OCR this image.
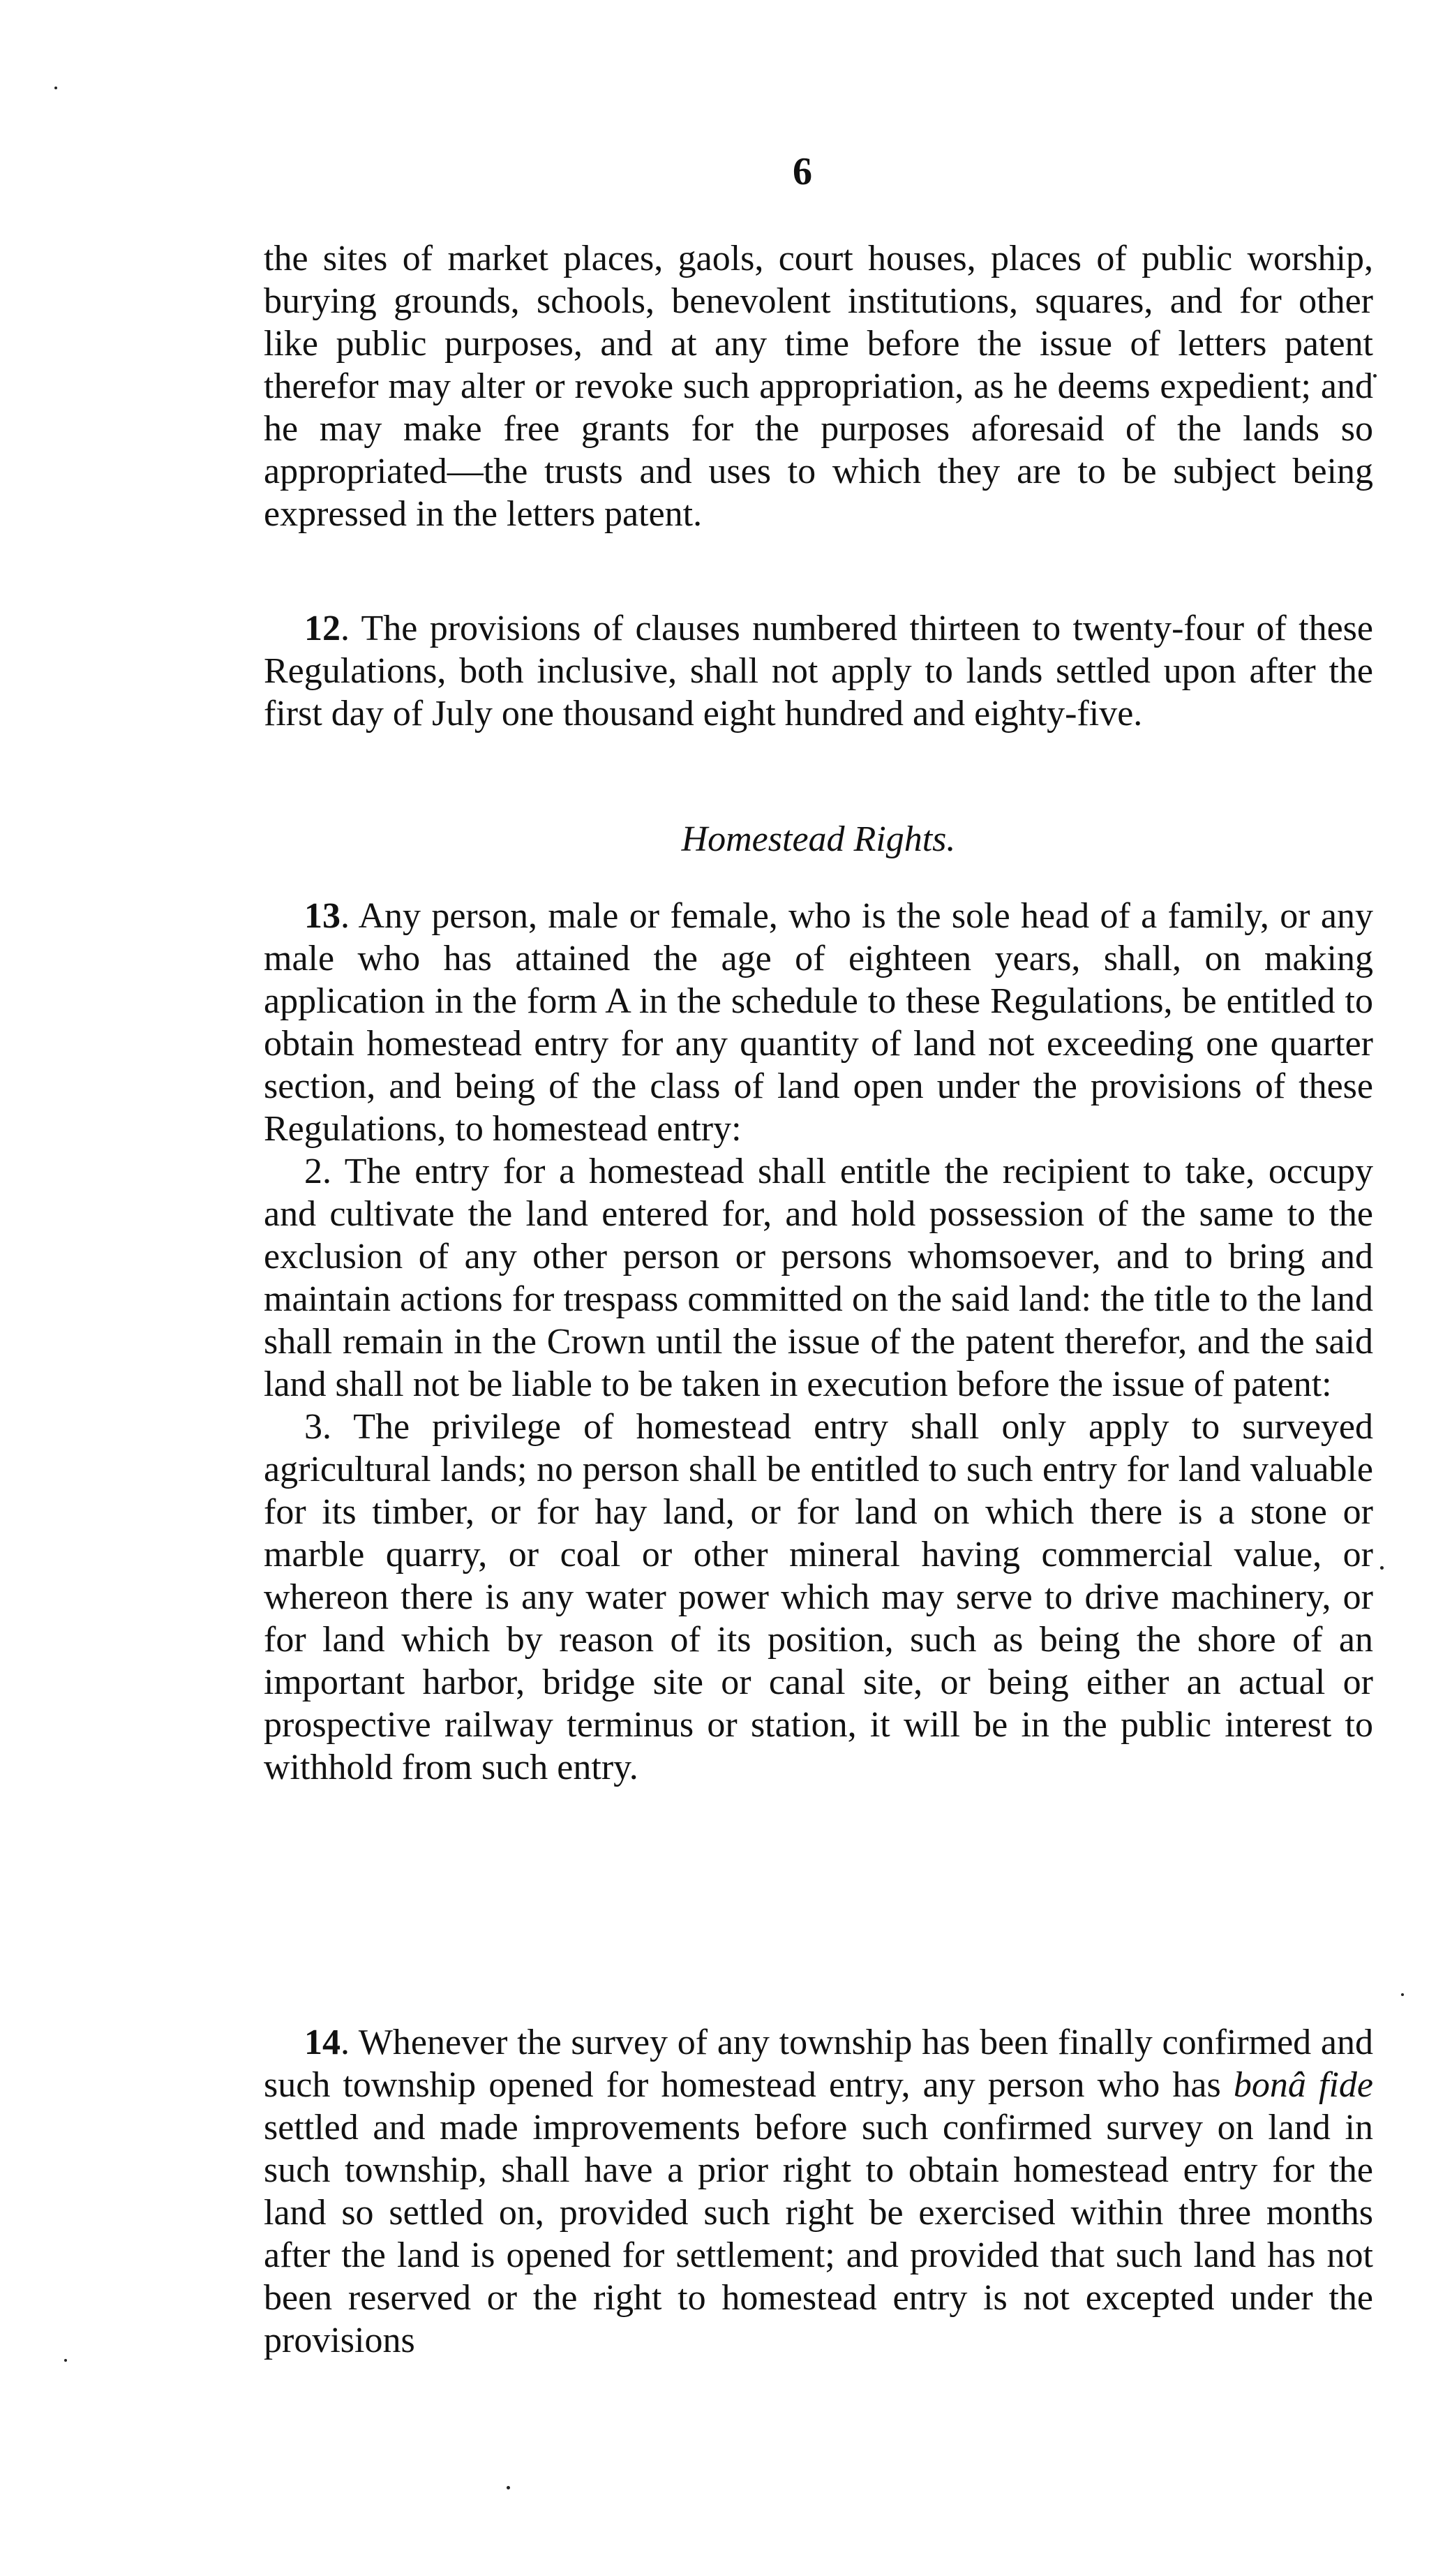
6

the sites of market places, gaols, court houses, places of public worship, burying grounds, schools, benevolent institutions, squares, and for other like public purposes, and at any time before the issue of letters patent therefor may alter or revoke such appropriation, as he deems expedient; and he may make free grants for the purposes aforesaid of the lands so appropriated—the trusts and uses to which they are to be subject being expressed in the letters patent.

12. The provisions of clauses numbered thirteen to twenty-four of these Regulations, both inclusive, shall not apply to lands settled upon after the first day of July one thousand eight hundred and eighty-five.

Homestead Rights.

13. Any person, male or female, who is the sole head of a family, or any male who has attained the age of eighteen years, shall, on making application in the form A in the schedule to these Regulations, be entitled to obtain homestead entry for any quantity of land not exceeding one quarter section, and being of the class of land open under the provisions of these Regulations, to homestead entry:

2. The entry for a homestead shall entitle the recipient to take, occupy and cultivate the land entered for, and hold possession of the same to the exclusion of any other person or persons whomsoever, and to bring and maintain actions for trespass committed on the said land: the title to the land shall remain in the Crown until the issue of the patent therefor, and the said land shall not be liable to be taken in execution before the issue of patent:

3. The privilege of homestead entry shall only apply to surveyed agricultural lands; no person shall be entitled to such entry for land valuable for its timber, or for hay land, or for land on which there is a stone or marble quarry, or coal or other mineral having commercial value, or whereon there is any water power which may serve to drive machinery, or for land which by reason of its position, such as being the shore of an important harbor, bridge site or canal site, or being either an actual or prospective railway terminus or station, it will be in the public interest to withhold from such entry.

14. Whenever the survey of any township has been finally confirmed and such township opened for homestead entry, any person who has bonâ fide settled and made improvements before such confirmed survey on land in such township, shall have a prior right to obtain homestead entry for the land so settled on, provided such right be exercised within three months after the land is opened for settlement; and provided that such land has not been reserved or the right to homestead entry is not excepted under the provisions
